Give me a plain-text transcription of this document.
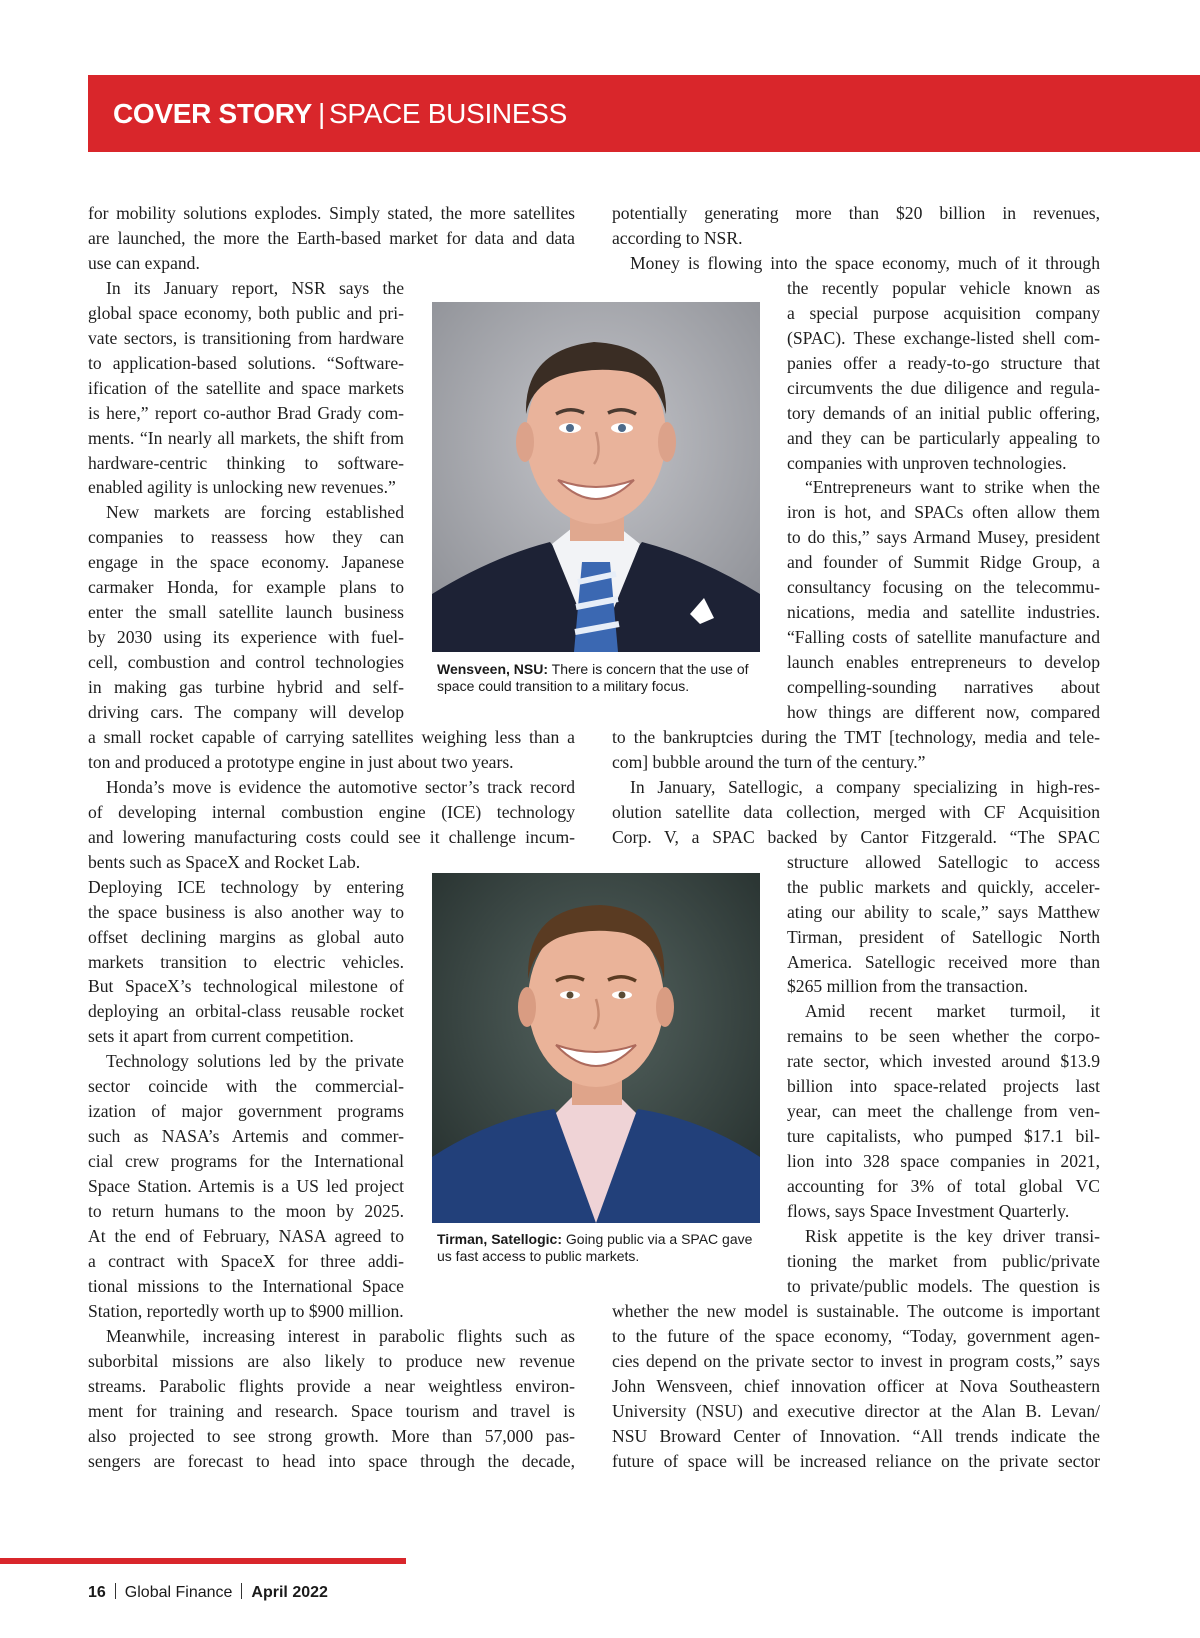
COVER STORY | SPACE BUSINESS
Wensveen, NSU: There is concern that the use of space could transition to a military focus.
Tirman, Satellogic: Going public via a SPAC gave us fast access to public markets.
for mobility solutions explodes. Simply stated, the more satellites
are launched, the more the Earth-based market for data and data
use can expand.
In its January report, NSR says the
global space economy, both public and pri-
vate sectors, is transitioning from hardware
to application-based solutions. “Software-
ification of the satellite and space markets
is here,” report co-author Brad Grady com-
ments. “In nearly all markets, the shift from
hardware-centric thinking to software-
enabled agility is unlocking new revenues.”
New markets are forcing established
companies to reassess how they can
engage in the space economy. Japanese
carmaker Honda, for example plans to
enter the small satellite launch business
by 2030 using its experience with fuel-
cell, combustion and control technologies
in making gas turbine hybrid and self-
driving cars. The company will develop
a small rocket capable of carrying satellites weighing less than a
ton and produced a prototype engine in just about two years.
Honda’s move is evidence the automotive sector’s track record
of developing internal combustion engine (ICE) technology
and lowering manufacturing costs could see it challenge incum-
bents such as SpaceX and Rocket Lab.
Deploying ICE technology by entering
the space business is also another way to
offset declining margins as global auto
markets transition to electric vehicles.
But SpaceX’s technological milestone of
deploying an orbital-class reusable rocket
sets it apart from current competition.
Technology solutions led by the private
sector coincide with the commercial-
ization of major government programs
such as NASA’s Artemis and commer-
cial crew programs for the International
Space Station. Artemis is a US led project
to return humans to the moon by 2025.
At the end of February, NASA agreed to
a contract with SpaceX for three addi-
tional missions to the International Space
Station, reportedly worth up to $900 million.
Meanwhile, increasing interest in parabolic flights such as
suborbital missions are also likely to produce new revenue
streams. Parabolic flights provide a near weightless environ-
ment for training and research. Space tourism and travel is
also projected to see strong growth. More than 57,000 pas-
sengers are forecast to head into space through the decade,
potentially generating more than $20 billion in revenues,
according to NSR.
Money is flowing into the space economy, much of it through
the recently popular vehicle known as
a special purpose acquisition company
(SPAC). These exchange-listed shell com-
panies offer a ready-to-go structure that
circumvents the due diligence and regula-
tory demands of an initial public offering,
and they can be particularly appealing to
companies with unproven technologies.
“Entrepreneurs want to strike when the
iron is hot, and SPACs often allow them
to do this,” says Armand Musey, president
and founder of Summit Ridge Group, a
consultancy focusing on the telecommu-
nications, media and satellite industries.
“Falling costs of satellite manufacture and
launch enables entrepreneurs to develop
compelling-sounding narratives about
how things are different now, compared
to the bankruptcies during the TMT [technology, media and tele-
com] bubble around the turn of the century.”
In January, Satellogic, a company specializing in high-res-
olution satellite data collection, merged with CF Acquisition
Corp. V, a SPAC backed by Cantor Fitzgerald. “The SPAC
structure allowed Satellogic to access
the public markets and quickly, acceler-
ating our ability to scale,” says Matthew
Tirman, president of Satellogic North
America. Satellogic received more than
$265 million from the transaction.
Amid recent market turmoil, it
remains to be seen whether the corpo-
rate sector, which invested around $13.9
billion into space-related projects last
year, can meet the challenge from ven-
ture capitalists, who pumped $17.1 bil-
lion into 328 space companies in 2021,
accounting for 3% of total global VC
flows, says Space Investment Quarterly.
Risk appetite is the key driver transi-
tioning the market from public/private
to private/public models. The question is
whether the new model is sustainable. The outcome is important
to the future of the space economy, “Today, government agen-
cies depend on the private sector to invest in program costs,” says
John Wensveen, chief innovation officer at Nova Southeastern
University (NSU) and executive director at the Alan B. Levan/
NSU Broward Center of Innovation. “All trends indicate the
future of space will be increased reliance on the private sector
16 Global Finance April 2022
